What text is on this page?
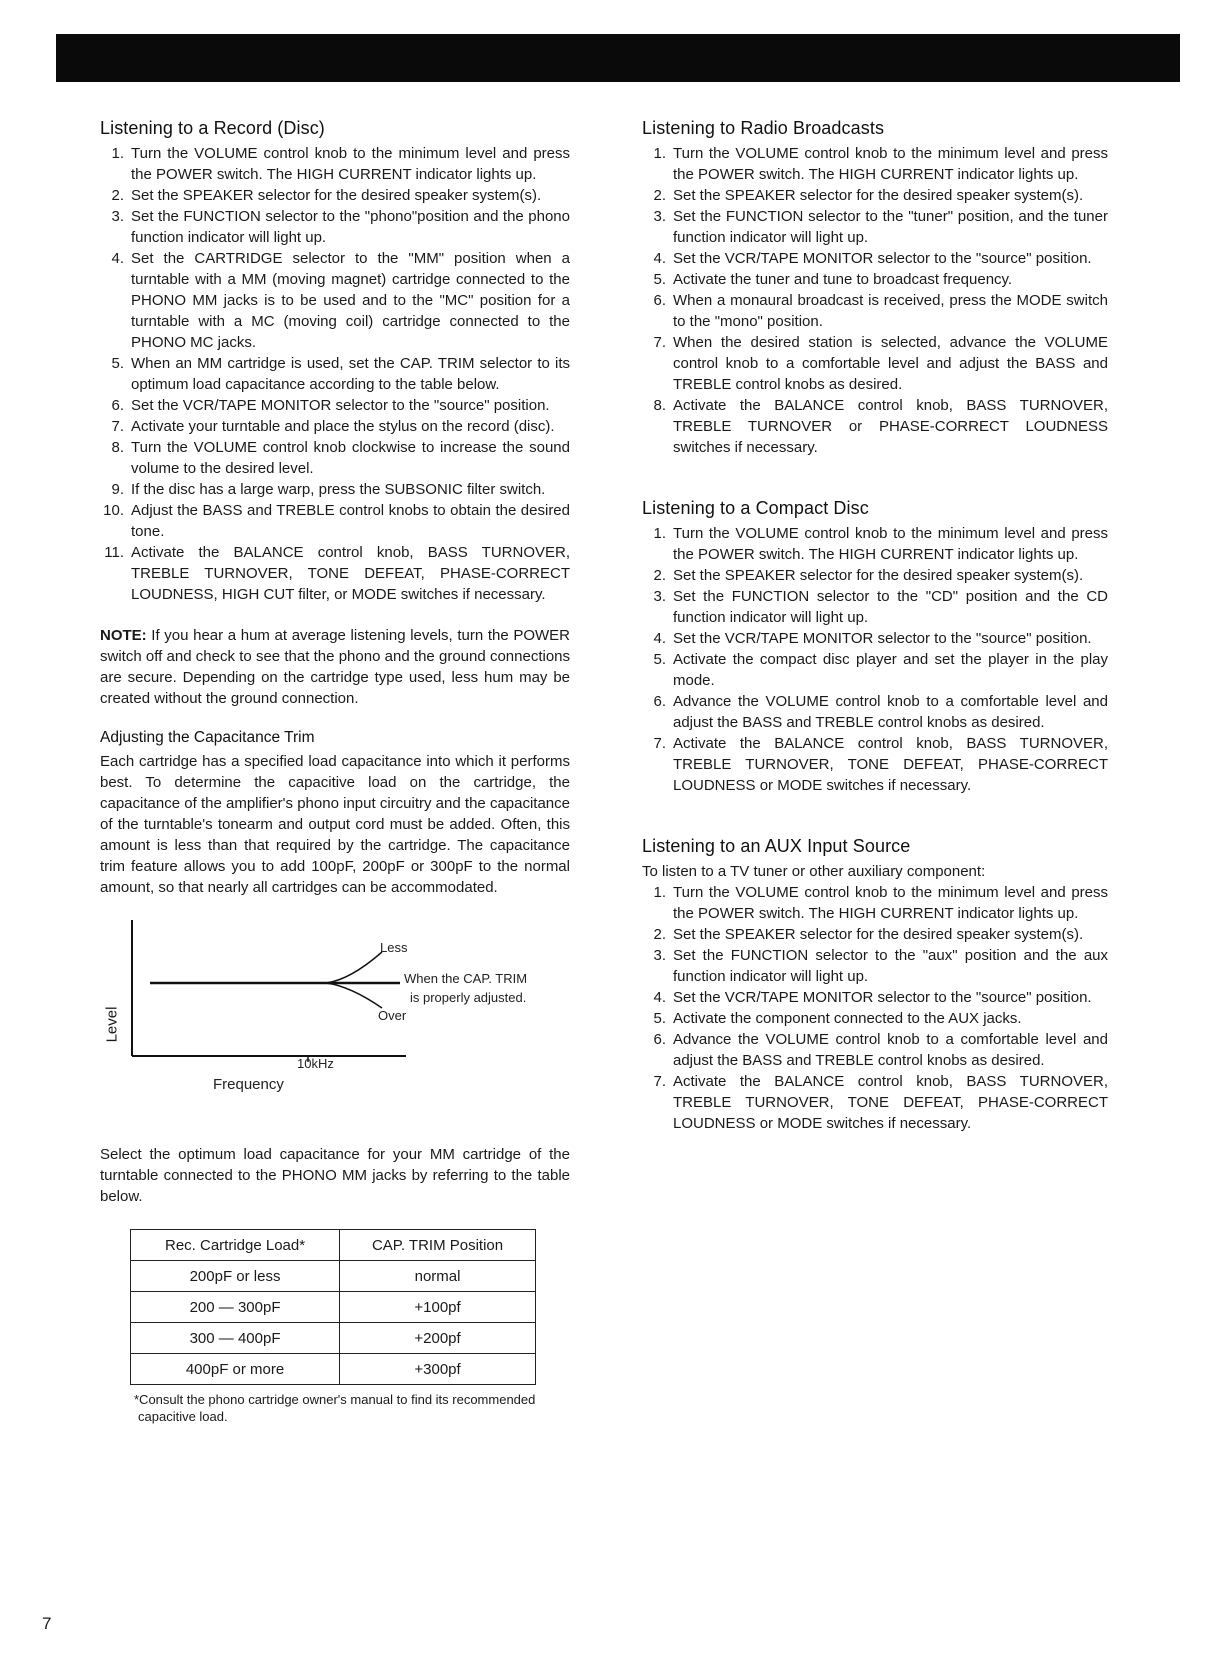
Listening to a Record (Disc)
1. Turn the VOLUME control knob to the minimum level and press the POWER switch. The HIGH CURRENT indicator lights up.
2. Set the SPEAKER selector for the desired speaker system(s).
3. Set the FUNCTION selector to the "phono"position and the phono function indicator will light up.
4. Set the CARTRIDGE selector to the "MM" position when a turntable with a MM (moving magnet) cartridge connected to the PHONO MM jacks is to be used and to the "MC" position for a turntable with a MC (moving coil) cartridge connected to the PHONO MC jacks.
5. When an MM cartridge is used, set the CAP. TRIM selector to its optimum load capacitance according to the table below.
6. Set the VCR/TAPE MONITOR selector to the "source" position.
7. Activate your turntable and place the stylus on the record (disc).
8. Turn the VOLUME control knob clockwise to increase the sound volume to the desired level.
9. If the disc has a large warp, press the SUBSONIC filter switch.
10. Adjust the BASS and TREBLE control knobs to obtain the desired tone.
11. Activate the BALANCE control knob, BASS TURNOVER, TREBLE TURNOVER, TONE DEFEAT, PHASE-CORRECT LOUDNESS, HIGH CUT filter, or MODE switches if necessary.

NOTE: If you hear a hum at average listening levels, turn the POWER switch off and check to see that the phono and the ground connections are secure. Depending on the cartridge type used, less hum may be created without the ground connection.

Adjusting the Capacitance Trim

Each cartridge has a specified load capacitance into which it performs best. To determine the capacitive load on the cartridge, the capacitance of the amplifier's phono input circuitry and the capacitance of the turntable's tonearm and output cord must be added. Often, this amount is less than that required by the cartridge. The capacitance trim feature allows you to add 100pF, 200pF or 300pF to the normal amount, so that nearly all cartridges can be accommodated.

Level
Less
Over
When the CAP. TRIM
is properly adjusted.
10kHz
Frequency

Select the optimum load capacitance for your MM cartridge of the turntable connected to the PHONO MM jacks by referring to the table below.

Rec. Cartridge Load*	CAP. TRIM Position
200pF or less	normal
200 — 300pF	+100pf
300 — 400pF	+200pf
400pF or more	+300pf
*Consult the phono cartridge owner's manual to find its recommended capacitive load.
Listening to Radio Broadcasts
1. Turn the VOLUME control knob to the minimum level and press the POWER switch. The HIGH CURRENT indicator lights up.
2. Set the SPEAKER selector for the desired speaker system(s).
3. Set the FUNCTION selector to the "tuner" position, and the tuner function indicator will light up.
4. Set the VCR/TAPE MONITOR selector to the "source" position.
5. Activate the tuner and tune to broadcast frequency.
6. When a monaural broadcast is received, press the MODE switch to the "mono" position.
7. When the desired station is selected, advance the VOLUME control knob to a comfortable level and adjust the BASS and TREBLE control knobs as desired.
8. Activate the BALANCE control knob, BASS TURNOVER, TREBLE TURNOVER or PHASE-CORRECT LOUDNESS switches if necessary.
Listening to a Compact Disc
1. Turn the VOLUME control knob to the minimum level and press the POWER switch. The HIGH CURRENT indicator lights up.
2. Set the SPEAKER selector for the desired speaker system(s).
3. Set the FUNCTION selector to the "CD" position and the CD function indicator will light up.
4. Set the VCR/TAPE MONITOR selector to the "source" position.
5. Activate the compact disc player and set the player in the play mode.
6. Advance the VOLUME control knob to a comfortable level and adjust the BASS and TREBLE control knobs as desired.
7. Activate the BALANCE control knob, BASS TURNOVER, TREBLE TURNOVER, TONE DEFEAT, PHASE-CORRECT LOUDNESS or MODE switches if necessary.
Listening to an AUX Input Source

To listen to a TV tuner or other auxiliary component:

1. Turn the VOLUME control knob to the minimum level and press the POWER switch. The HIGH CURRENT indicator lights up.
2. Set the SPEAKER selector for the desired speaker system(s).
3. Set the FUNCTION selector to the "aux" position and the aux function indicator will light up.
4. Set the VCR/TAPE MONITOR selector to the "source" position.
5. Activate the component connected to the AUX jacks.
6. Advance the VOLUME control knob to a comfortable level and adjust the BASS and TREBLE control knobs as desired.
7. Activate the BALANCE control knob, BASS TURNOVER, TREBLE TURNOVER, TONE DEFEAT, PHASE-CORRECT LOUDNESS or MODE switches if necessary.
7
